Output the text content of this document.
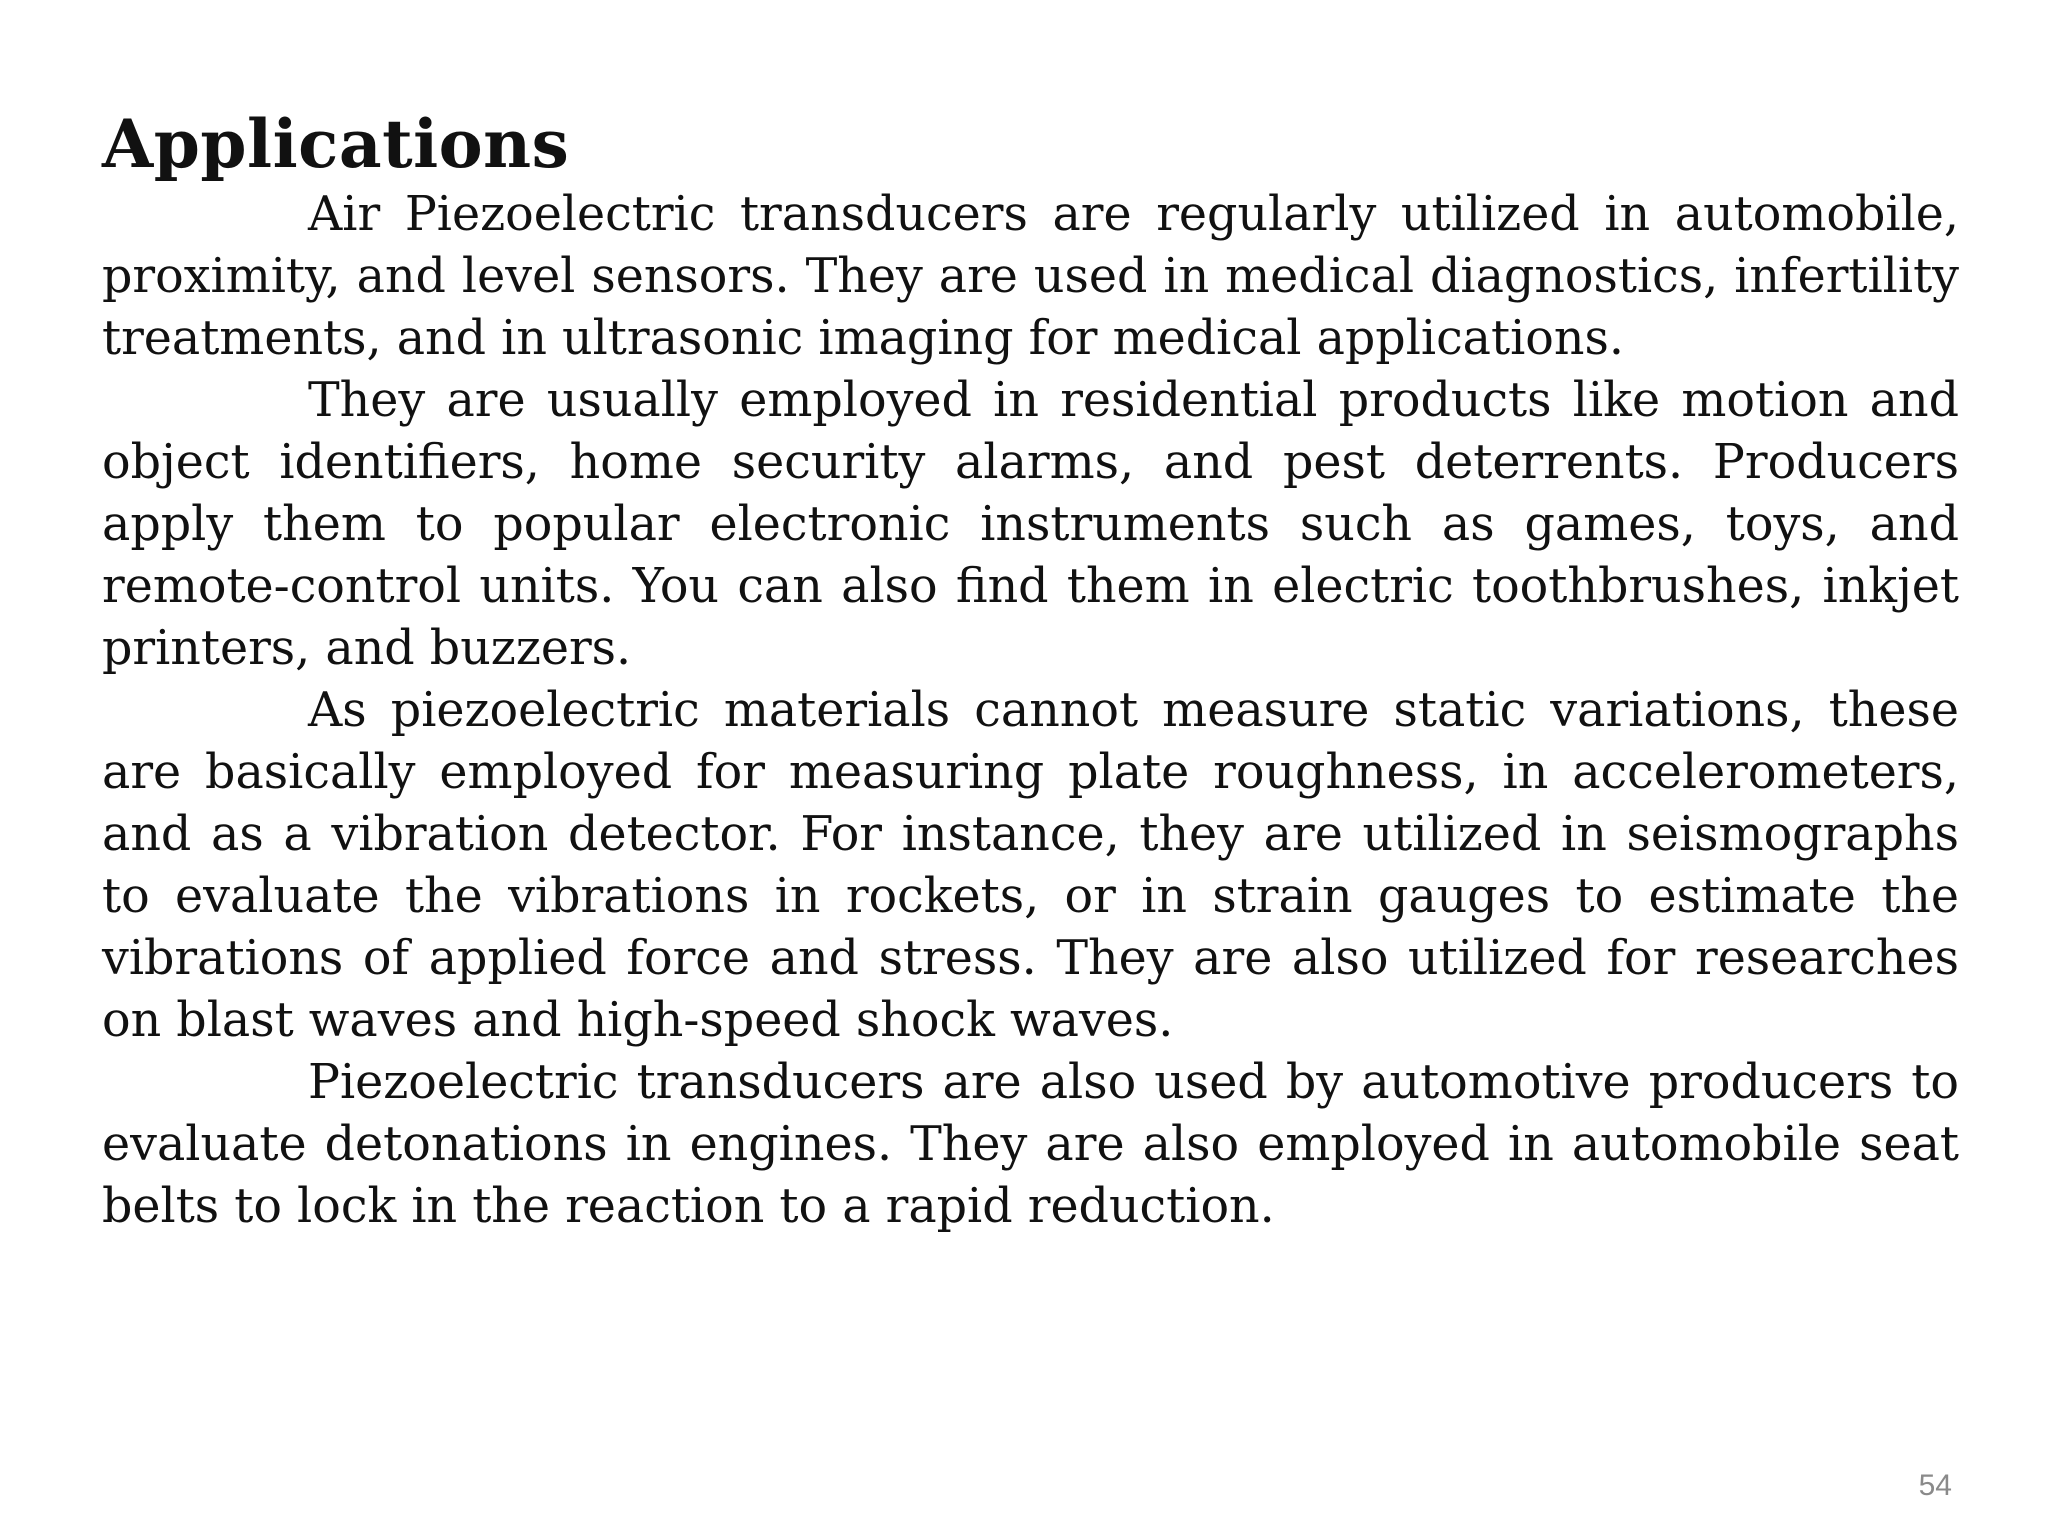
Applications

Air Piezoelectric transducers are regularly utilized in automobile, proximity, and level sensors. They are used in medical diagnostics, infertility treatments, and in ultrasonic imaging for medical applications.

They are usually employed in residential products like motion and object identifiers, home security alarms, and pest deterrents. Producers apply them to popular electronic instruments such as games, toys, and remote-control units. You can also find them in electric toothbrushes, inkjet printers, and buzzers.

As piezoelectric materials cannot measure static variations, these are basically employed for measuring plate roughness, in accelerometers, and as a vibration detector. For instance, they are utilized in seismographs to evaluate the vibrations in rockets, or in strain gauges to estimate the vibrations of applied force and stress. They are also utilized for researches on blast waves and high-speed shock waves.

Piezoelectric transducers are also used by automotive producers to evaluate detonations in engines. They are also employed in automobile seat belts to lock in the reaction to a rapid reduction.

54
